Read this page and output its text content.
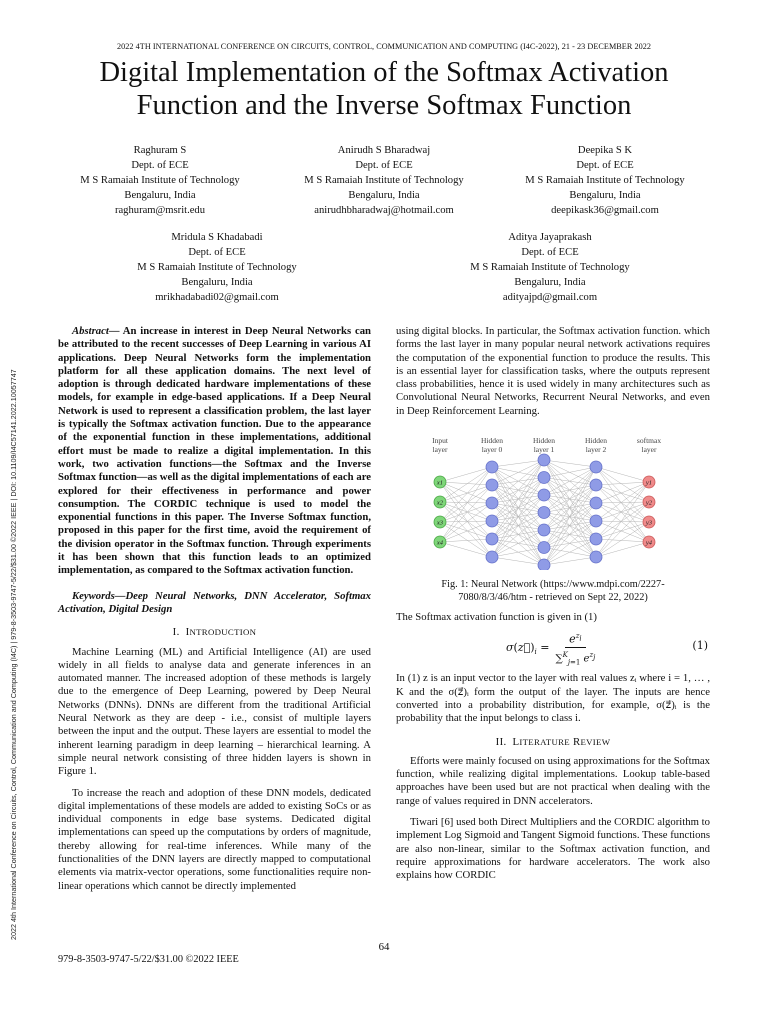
2022 4TH INTERNATIONAL CONFERENCE ON CIRCUITS, CONTROL, COMMUNICATION AND COMPUTING (I4C-2022), 21 - 23 DECEMBER 2022
Digital Implementation of the Softmax Activation
Function and the Inverse Softmax Function
Raghuram S
Dept. of ECE
M S Ramaiah Institute of Technology
Bengaluru, India
raghuram@msrit.edu
Anirudh S Bharadwaj
Dept. of ECE
M S Ramaiah Institute of Technology
Bengaluru, India
anirudhbharadwaj@hotmail.com
Deepika S K
Dept. of ECE
M S Ramaiah Institute of Technology
Bengaluru, India
deepikask36@gmail.com
Mridula S Khadabadi
Dept. of ECE
M S Ramaiah Institute of Technology
Bengaluru, India
mrikhadabadi02@gmail.com
Aditya Jayaprakash
Dept. of ECE
M S Ramaiah Institute of Technology
Bengaluru, India
adityajpd@gmail.com
2022 4th International Conference on Circuits, Control, Communication and Computing (I4C) | 979-8-3503-9747-5/22/$31.00 ©2022 IEEE | DOI: 10.1109/I4C57141.2022.10057747

Abstract— An increase in interest in Deep Neural Networks can be attributed to the recent successes of Deep Learning in various AI applications. Deep Neural Networks form the implementation platform for all these application domains. The next level of adoption is through dedicated hardware implementations of these models, for example in edge-based applications. If a Deep Neural Network is used to represent a classification problem, the last layer is typically the Softmax activation function. Due to the appearance of the exponential function in these implementations, additional effort must be made to realize a digital implementation. In this work, two activation functions—the Softmax and the Inverse Softmax function—as well as the digital implementations of each are explored for their effectiveness in performance and power consumption. The CORDIC technique is used to model the exponential functions in this paper. The Inverse Softmax function, proposed in this paper for the first time, avoid the requirement of the division operator in the Softmax function. Through experiments it has been shown that this function leads to an optimized implementation, as compared to the Softmax activation function.

Keywords—Deep Neural Networks, DNN Accelerator, Softmax Activation, Digital Design

I. INTRODUCTION

Machine Learning (ML) and Artificial Intelligence (AI) are used widely in all fields to analyse data and generate inferences in an automated manner. The increased adoption of these methods is largely due to the emergence of Deep Learning, powered by Deep Neural Networks (DNNs). DNNs are different from the traditional Artificial Neural Network as they are deep - i.e., consist of multiple layers between the input and the output. These layers are essential to model the inherent learning paradigm in deep learning – hierarchical learning. A simple neural network consisting of three hidden layers is shown in Figure 1.

To increase the reach and adoption of these DNN models, dedicated digital implementations of these models are added to existing SoCs or as individual components in edge base systems. Dedicated digital implementations can speed up the computations by orders of magnitude, thereby allowing for real-time inferences. While many of the functionalities of the DNN layers are directly mapped to computational elements via matrix-vector operations, some functionalities require non-linear operations which cannot be directly implemented

using digital blocks. In particular, the Softmax activation function. which forms the last layer in many popular neural network activations requires the computation of the exponential function to produce the results. This is an essential layer for classification tasks, where the outputs represent class probabilities, hence it is used widely in many architectures such as Convolutional Neural Networks, Recurrent Neural Networks, and even in Deep Reinforcement Learning.

x1
x2
x3
x4
y1
y2
y3
y4
Input layer
Hidden layer 0
Hidden layer 1
Hidden layer 2
softmax layer

Fig. 1: Neural Network (https://www.mdpi.com/2227-7080/8/3/46/htm - retrieved on Sept 22, 2022)

The Softmax activation function is given in (1)

$\sigma(z⃗)_i = \frac{e^{z_i}}{\sum^K_{j=1} e^{z_j}}$	(1)

In (1) z is an input vector to the layer with real values zᵢ where i = 1, … , K and the σ(z⃗)ᵢ form the output of the layer. The inputs are hence converted into a probability distribution, for example, σ(z⃗)ᵢ is the probability that the input belongs to class i.

II. LITERATURE REVIEW

Efforts were mainly focused on using approximations for the Softmax function, while realizing digital implementations. Lookup table-based approaches have been used but are not practical when dealing with the range of values required in DNN accelerators.

Tiwari [6] used both Direct Multipliers and the CORDIC algorithm to implement Log Sigmoid and Tangent Sigmoid functions. These functions are also non-linear, similar to the Softmax activation function, and require approximations for hardware accelerators. The work also explains how CORDIC

64
979-8-3503-9747-5/22/$31.00 ©2022 IEEE
